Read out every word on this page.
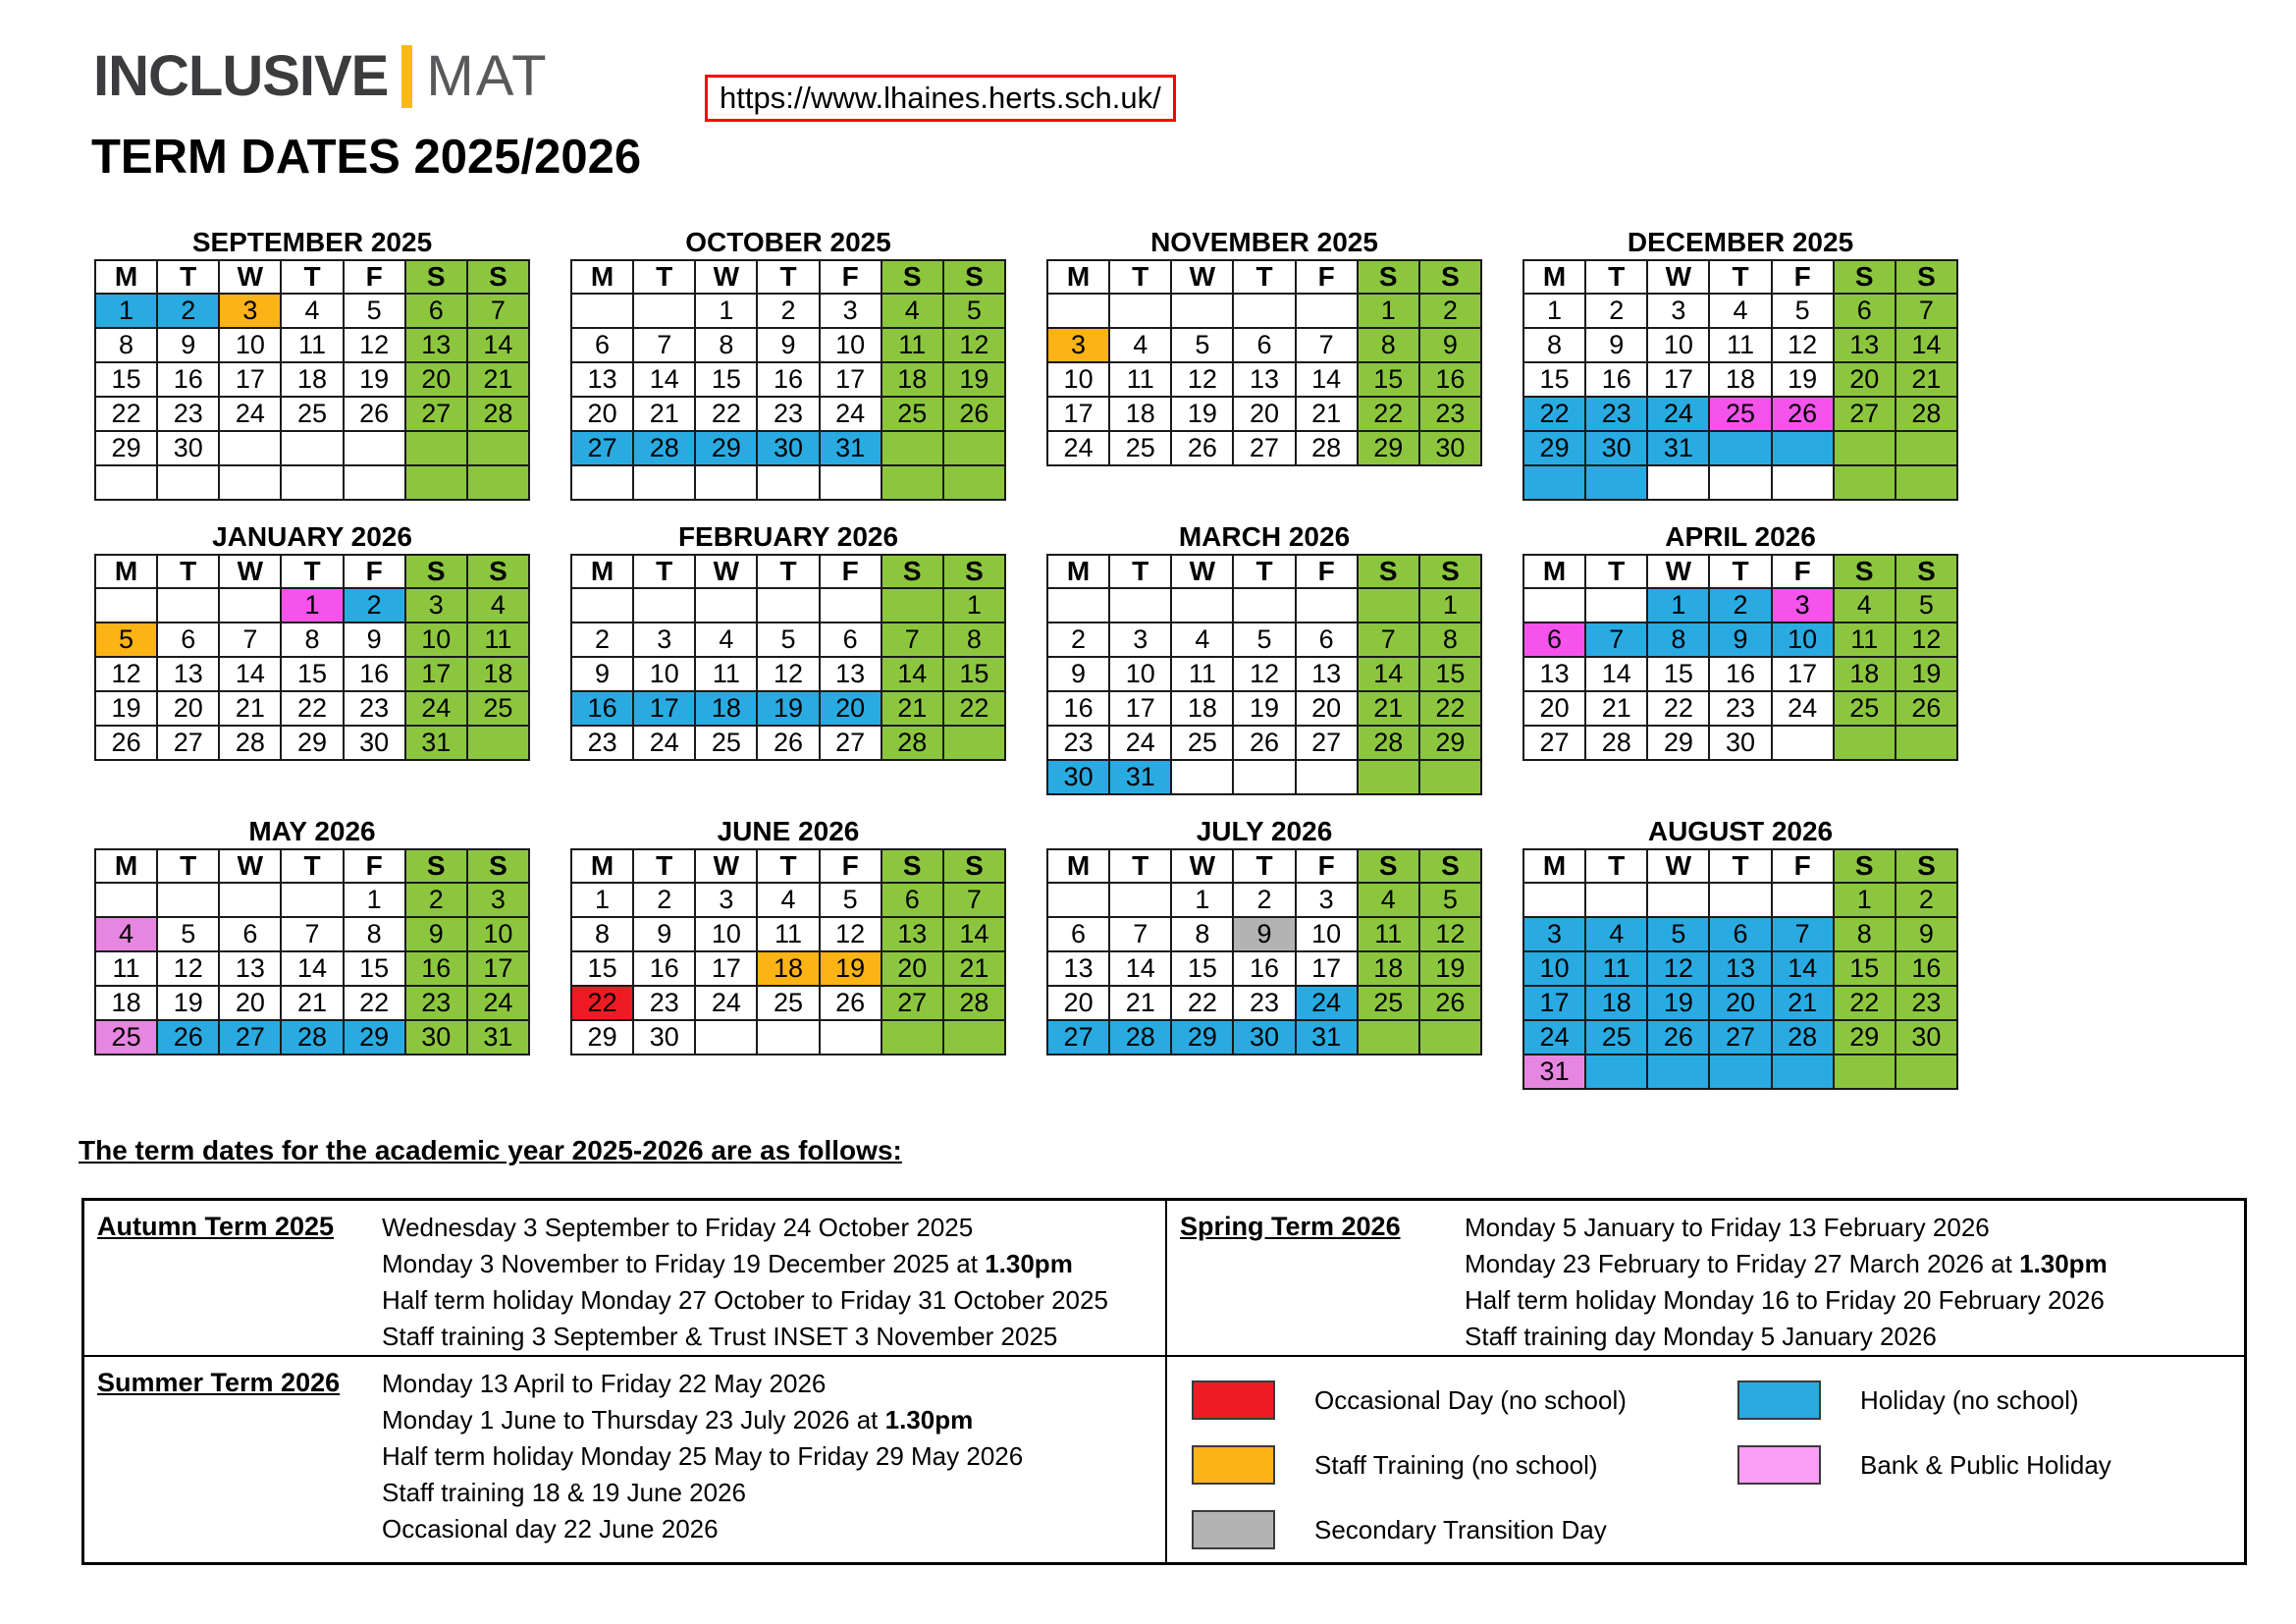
INCLUSIVE MAT	https://www.lhaines.herts.sch.uk/
TERM DATES 2025/2026
SEPTEMBER 2025
M	T	W	T	F	S	S
1	2	3	4	5	6	7
8	9	10	11	12	13	14
15	16	17	18	19	20	21
22	23	24	25	26	27	28
29	30					

OCTOBER 2025
M	T	W	T	F	S	S
		1	2	3	4	5
6	7	8	9	10	11	12
13	14	15	16	17	18	19
20	21	22	23	24	25	26
27	28	29	30	31		

NOVEMBER 2025
M	T	W	T	F	S	S
					1	2
3	4	5	6	7	8	9
10	11	12	13	14	15	16
17	18	19	20	21	22	23
24	25	26	27	28	29	30
DECEMBER 2025
M	T	W	T	F	S	S
1	2	3	4	5	6	7
8	9	10	11	12	13	14
15	16	17	18	19	20	21
22	23	24	25	26	27	28
29	30	31				

JANUARY 2026
M	T	W	T	F	S	S
			1	2	3	4
5	6	7	8	9	10	11
12	13	14	15	16	17	18
19	20	21	22	23	24	25
26	27	28	29	30	31	
FEBRUARY 2026
M	T	W	T	F	S	S
						1
2	3	4	5	6	7	8
9	10	11	12	13	14	15
16	17	18	19	20	21	22
23	24	25	26	27	28	
MARCH 2026
M	T	W	T	F	S	S
						1
2	3	4	5	6	7	8
9	10	11	12	13	14	15
16	17	18	19	20	21	22
23	24	25	26	27	28	29
30	31					
APRIL 2026
M	T	W	T	F	S	S
		1	2	3	4	5
6	7	8	9	10	11	12
13	14	15	16	17	18	19
20	21	22	23	24	25	26
27	28	29	30			
MAY 2026
M	T	W	T	F	S	S
				1	2	3
4	5	6	7	8	9	10
11	12	13	14	15	16	17
18	19	20	21	22	23	24
25	26	27	28	29	30	31
JUNE 2026
M	T	W	T	F	S	S
1	2	3	4	5	6	7
8	9	10	11	12	13	14
15	16	17	18	19	20	21
22	23	24	25	26	27	28
29	30					
JULY 2026
M	T	W	T	F	S	S
		1	2	3	4	5
6	7	8	9	10	11	12
13	14	15	16	17	18	19
20	21	22	23	24	25	26
27	28	29	30	31		
AUGUST 2026
M	T	W	T	F	S	S
					1	2
3	4	5	6	7	8	9
10	11	12	13	14	15	16
17	18	19	20	21	22	23
24	25	26	27	28	29	30
31						
The term dates for the academic year 2025-2026 are as follows:
Autumn Term 2025	Wednesday 3 September to Friday 24 October 2025
Monday 3 November to Friday 19 December 2025 at 1.30pm
Half term holiday Monday 27 October to Friday 31 October 2025
Staff training 3 September & Trust INSET 3 November 2025
Spring Term 2026	Monday 5 January to Friday 13 February 2026
Monday 23 February to Friday 27 March 2026 at 1.30pm
Half term holiday Monday 16 to Friday 20 February 2026
Staff training day Monday 5 January 2026
Summer Term 2026	Monday 13 April to Friday 22 May 2026
Monday 1 June to Thursday 23 July 2026 at 1.30pm
Half term holiday Monday 25 May to Friday 29 May 2026
Staff training 18 & 19 June 2026
Occasional day 22 June 2026
Occasional Day (no school)	Holiday (no school)
Staff Training (no school)	Bank & Public Holiday
Secondary Transition Day
